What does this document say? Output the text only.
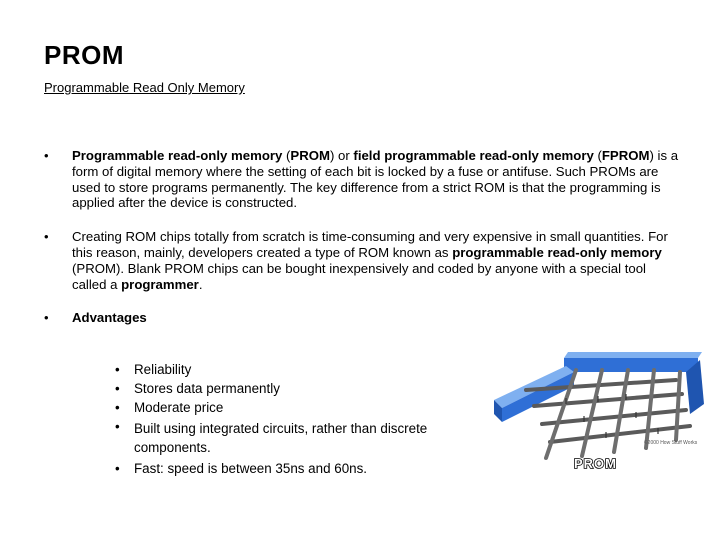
PROM
Programmable Read Only Memory
• Programmable read-only memory (PROM) or field programmable read-only memory (FPROM) is a form of digital memory where the setting of each bit is locked by a fuse or antifuse. Such PROMs are used to store programs permanently. The key difference from a strict ROM is that the programming is applied after the device is constructed.
• Creating ROM chips totally from scratch is time-consuming and very expensive in small quantities. For this reason, mainly, developers created a type of ROM known as programmable read-only memory (PROM). Blank PROM chips can be bought inexpensively and coded by anyone with a special tool called a programmer.
• Advantages
• Reliability
• Stores data permanently
• Moderate price
• Built using integrated circuits, rather than discrete components.
• Fast: speed is between 35ns and 60ns.
©2000 How Stuff Works
PROM
